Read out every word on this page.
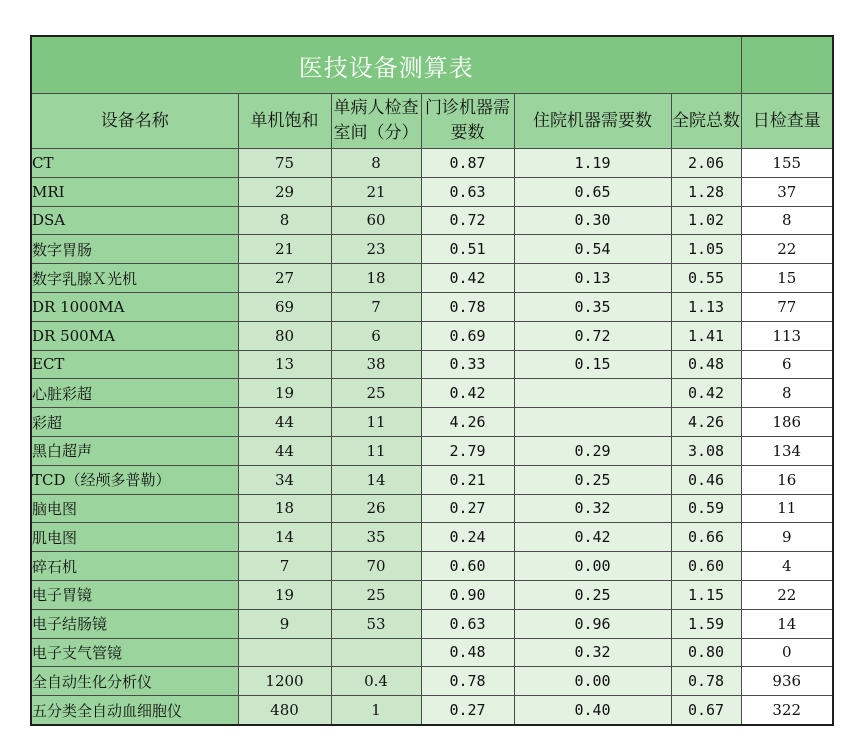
医技设备测算表						
设备名称	单机饱和	单病人检查室间（分）	门诊机器需要数	住院机器需要数	全院总数	日检查量
CT	75	8	0.87	1.19	2.06	155
MRI	29	21	0.63	0.65	1.28	37
DSA	8	60	0.72	0.30	1.02	8
数字胃肠	21	23	0.51	0.54	1.05	22
数字乳腺Ｘ光机	27	18	0.42	0.13	0.55	15
DR 1000MA	69	7	0.78	0.35	1.13	77
DR 500MA	80	6	0.69	0.72	1.41	113
ECT	13	38	0.33	0.15	0.48	6
心脏彩超	19	25	0.42		0.42	8
彩超	44	11	4.26		4.26	186
黑白超声	44	11	2.79	0.29	3.08	134
TCD（经颅多普勒）	34	14	0.21	0.25	0.46	16
脑电图	18	26	0.27	0.32	0.59	11
肌电图	14	35	0.24	0.42	0.66	9
碎石机	7	70	0.60	0.00	0.60	4
电子胃镜	19	25	0.90	0.25	1.15	22
电子结肠镜	9	53	0.63	0.96	1.59	14
电子支气管镜			0.48	0.32	0.80	0
全自动生化分析仪	1200	0.4	0.78	0.00	0.78	936
五分类全自动血细胞仪	480	1	0.27	0.40	0.67	322
